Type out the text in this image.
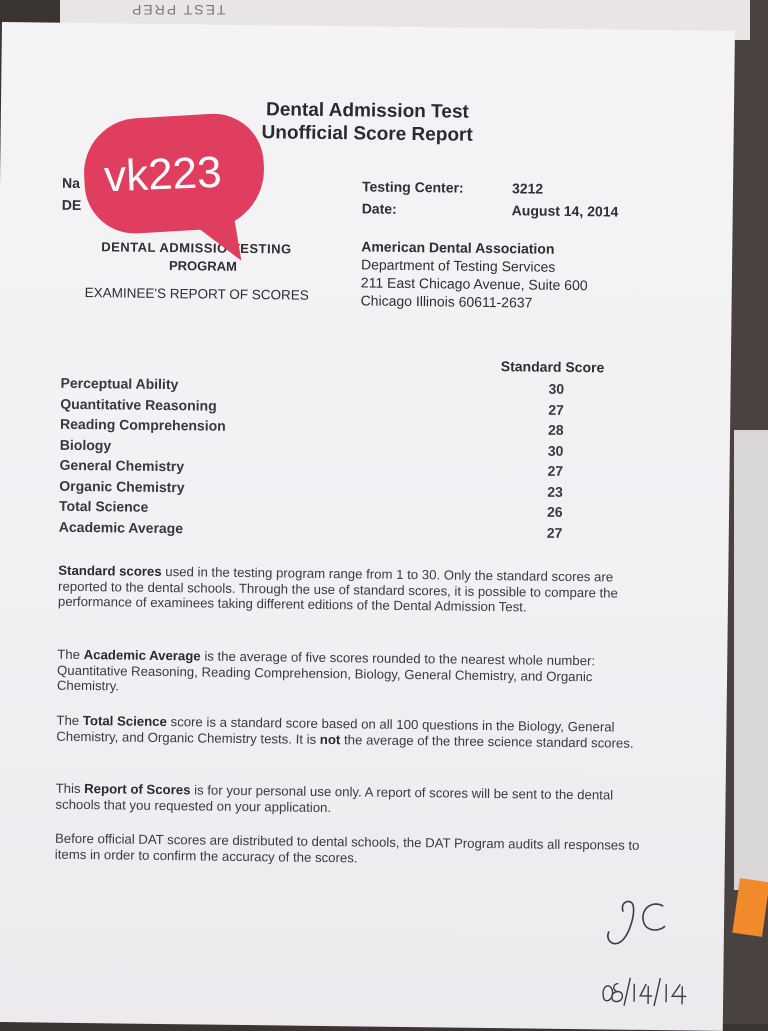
TEST PREP
Dental Admission Test
Unofficial Score Report
Na
DE
Testing Center:	3212
Date:	August 14, 2014
DENTAL ADMISSIO TESTING
PROGRAM
EXAMINEE'S REPORT OF SCORES
American Dental Association
Department of Testing Services
211 East Chicago Avenue, Suite 600
Chicago Illinois 60611-2637
vk223
Standard Score
Perceptual Ability	30
Quantitative Reasoning	27
Reading Comprehension	28
Biology	30
General Chemistry	27
Organic Chemistry	23
Total Science	26
Academic Average	27
Standard scores used in the testing program range from 1 to 30. Only the standard scores are reported to the dental schools. Through the use of standard scores, it is possible to compare the performance of examinees taking different editions of the Dental Admission Test.
The Academic Average is the average of five scores rounded to the nearest whole number: Quantitative Reasoning, Reading Comprehension, Biology, General Chemistry, and Organic Chemistry.
The Total Science score is a standard score based on all 100 questions in the Biology, General Chemistry, and Organic Chemistry tests. It is not the average of the three science standard scores.
This Report of Scores is for your personal use only. A report of scores will be sent to the dental schools that you requested on your application.
Before official DAT scores are distributed to dental schools, the DAT Program audits all responses to items in order to confirm the accuracy of the scores.
